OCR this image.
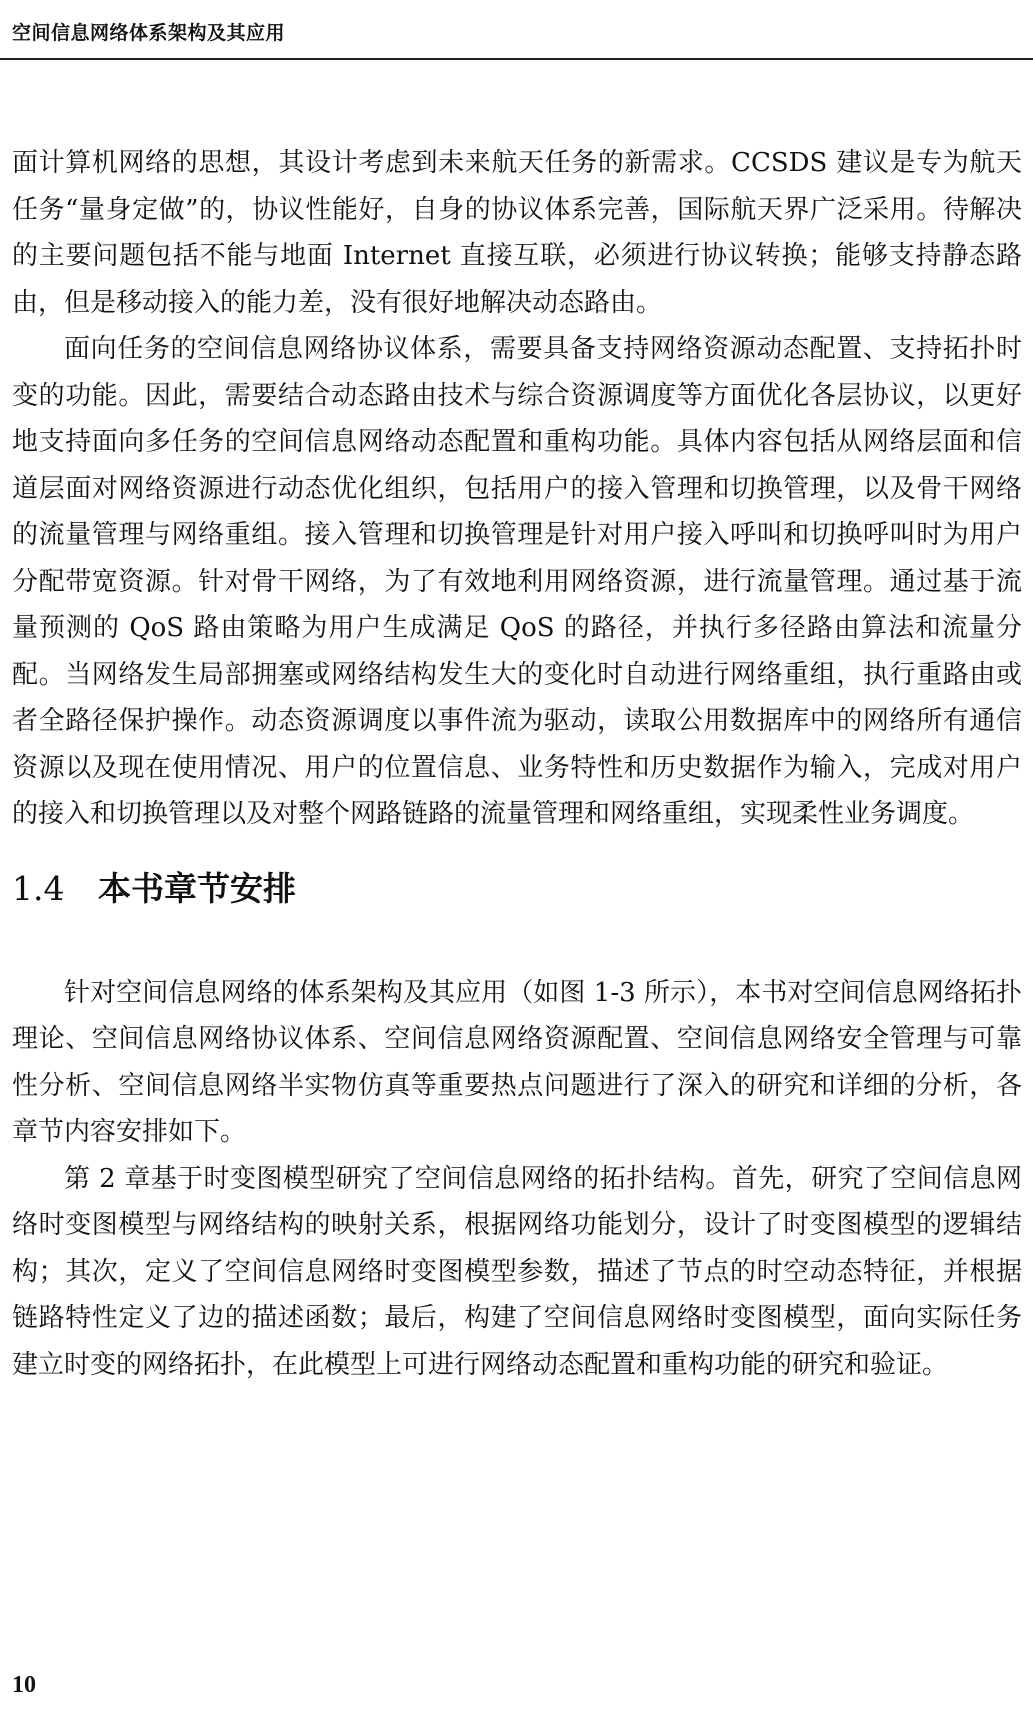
空间信息网络体系架构及其应用

面计算机网络的思想，其设计考虑到未来航天任务的新需求。CCSDS 建议是专为航天任务“量身定做”的，协议性能好，自身的协议体系完善，国际航天界广泛采用。待解决的主要问题包括不能与地面 Internet 直接互联，必须进行协议转换；能够支持静态路由，但是移动接入的能力差，没有很好地解决动态路由。

面向任务的空间信息网络协议体系，需要具备支持网络资源动态配置、支持拓扑时变的功能。因此，需要结合动态路由技术与综合资源调度等方面优化各层协议，以更好地支持面向多任务的空间信息网络动态配置和重构功能。具体内容包括从网络层面和信道层面对网络资源进行动态优化组织，包括用户的接入管理和切换管理，以及骨干网络的流量管理与网络重组。接入管理和切换管理是针对用户接入呼叫和切换呼叫时为用户分配带宽资源。针对骨干网络，为了有效地利用网络资源，进行流量管理。通过基于流量预测的 QoS 路由策略为用户生成满足 QoS 的路径，并执行多径路由算法和流量分配。当网络发生局部拥塞或网络结构发生大的变化时自动进行网络重组，执行重路由或者全路径保护操作。动态资源调度以事件流为驱动，读取公用数据库中的网络所有通信资源以及现在使用情况、用户的位置信息、业务特性和历史数据作为输入，完成对用户的接入和切换管理以及对整个网路链路的流量管理和网络重组，实现柔性业务调度。

1.4 本书章节安排

针对空间信息网络的体系架构及其应用（如图 1-3 所示），本书对空间信息网络拓扑理论、空间信息网络协议体系、空间信息网络资源配置、空间信息网络安全管理与可靠性分析、空间信息网络半实物仿真等重要热点问题进行了深入的研究和详细的分析，各章节内容安排如下。

第 2 章基于时变图模型研究了空间信息网络的拓扑结构。首先，研究了空间信息网络时变图模型与网络结构的映射关系，根据网络功能划分，设计了时变图模型的逻辑结构；其次，定义了空间信息网络时变图模型参数，描述了节点的时空动态特征，并根据链路特性定义了边的描述函数；最后，构建了空间信息网络时变图模型，面向实际任务建立时变的网络拓扑，在此模型上可进行网络动态配置和重构功能的研究和验证。

10
